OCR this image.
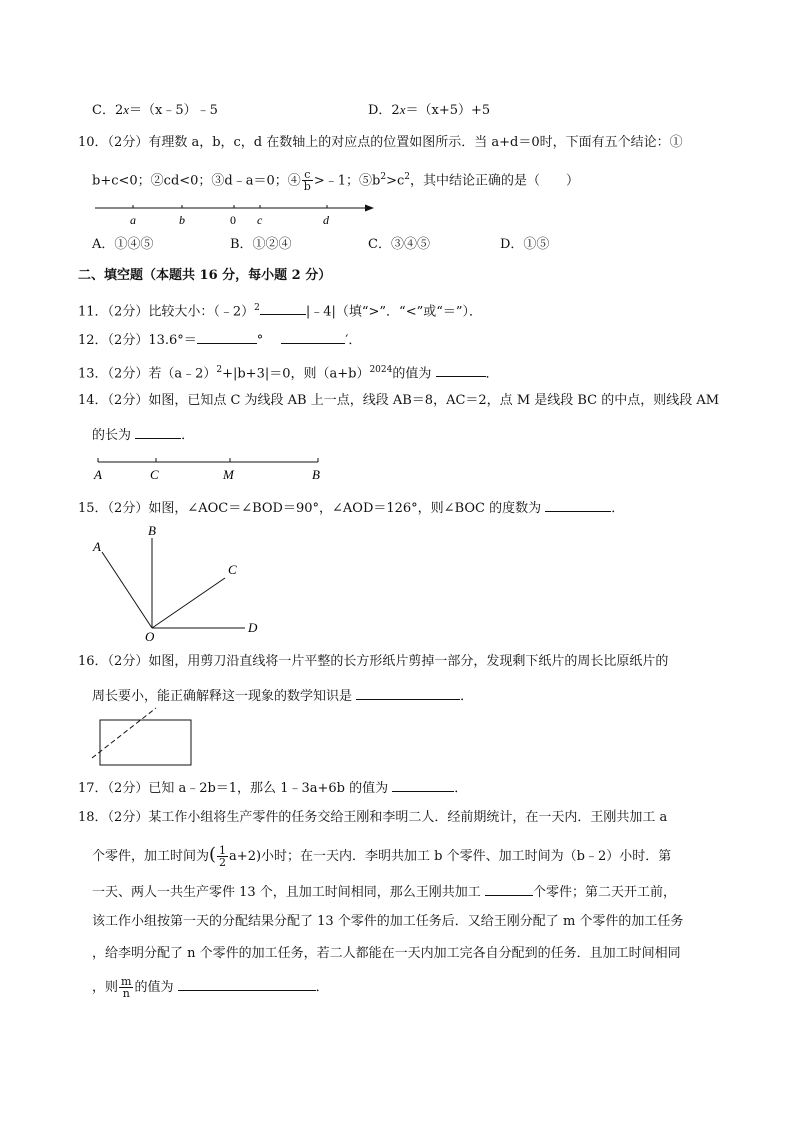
C．2x＝（x﹣5）﹣5	D．2x＝（x+5）+5
10．（2分）有理数 a，b，c，d 在数轴上的对应点的位置如图所示．当 a+d＝0时，下面有五个结论：①
b+c<0；②cd<0；③d﹣a＝0；④ $\frac{c}{b}$ >﹣1；$⑤b^2>c^2$，其中结论正确的是（　　）
a	b	0 c	d
A．①④⑤	B．①②④	C．③④⑤	D．①⑤
二、填空题（本题共 16 分，每小题 2 分）
11．（2分）比较大小：（﹣2）$^2$	|﹣4|（填“>”．“<”或“＝”）．
12．（2分）13.6°＝	°	′．
13．（2分）若（a﹣2）$^2$+|b+3|＝0，则$(a+b)^{2024}$的值为	．
14．（2分）如图，已知点 C 为线段 AB 上一点，线段 AB＝8，AC＝2，点 M 是线段 BC 的中点，则线段 AM
的长为	．
A	C	M	B
15．（2分）如图，∠AOC＝∠BOD＝90°，∠AOD＝126°，则∠BOC 的度数为	．
A
B
C
O
D
16．（2分）如图，用剪刀沿直线将一片平整的长方形纸片剪掉一部分，发现剩下纸片的周长比原纸片的
周长要小，能正确解释这一现象的数学知识是	．
17．（2分）已知 a﹣2b＝1，那么 1﹣3a+6b 的值为	．
18．（2分）某工作小组将生产零件的任务交给王刚和李明二人．经前期统计，在一天内．王刚共加工 a
个零件，加工时间为( $\frac{1}{2} a+2$)小时；在一天内．李明共加工 b 个零件、加工时间为（b﹣2）小时．第
一天、两人一共生产零件 13 个，且加工时间相同，那么王刚共加工	个零件；第二天开工前，
该工作小组按第一天的分配结果分配了 13 个零件的加工任务后．又给王刚分配了 m 个零件的加工任务
，给李明分配了 n 个零件的加工任务，若二人都能在一天内加工完各自分配到的任务．且加工时间相同
，则 $\frac{m}{n}$ 的值为	．
